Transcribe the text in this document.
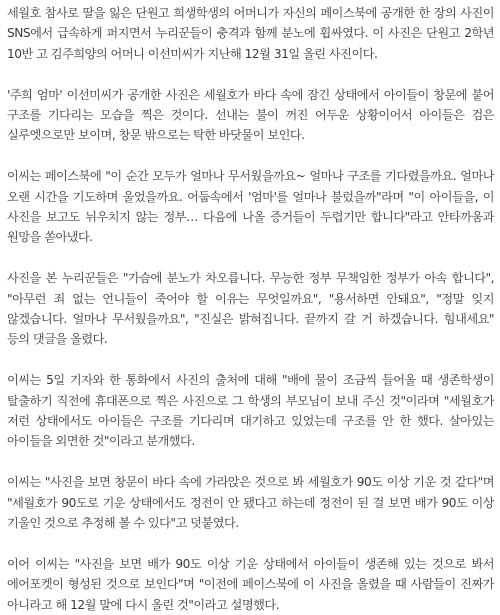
세월호 참사로 딸을 잃은 단원고 희생학생의 어머니가 자신의 페이스북에 공개한 한 장의 사진이 SNS에서 급속하게 퍼지면서 누리꾼들이 충격과 함께 분노에 휩싸였다. 이 사진은 단원고 2학년 10반 고 김주희양의 어머니 이선미씨가 지난해 12월 31일 올린 사진이다.

'주희 엄마' 이선미씨가 공개한 사진은 세월호가 바다 속에 잠긴 상태에서 아이들이 창문에 붙어 구조를 기다리는 모습을 찍은 것이다. 선내는 불이 꺼진 어두운 상황이어서 아이들은 검은 실루엣으로만 보이며, 창문 밖으로는 탁한 바닷물이 보인다.

이씨는 페이스북에 "이 순간 모두가 얼마나 무서웠을까요~ 얼마나 구조를 기다렸을까요. 얼마나 오랜 시간을 기도하며 울었을까요. 어둡속에서 '엄마'를 얼마나 불렀을까"라며 "이 아이들을, 이 사진을 보고도 뉘우치지 않는 정부… 다음에 나올 증거들이 두렵기만 합니다"라고 안타까움과 원망을 쏟아냈다.

사진을 본 누리꾼들은 "가슴에 분노가 차오릅니다. 무능한 정부 무책임한 정부가 아속 합니다", "아무런 죄 없는 언니들이 죽어야 할 이유는 무엇일까요", "용서하면 안돼요", "정말 잊지 않겠습니다. 얼마나 무서웠을까요", "진실은 밝혀집니다. 끝까지 갈 거 하겠습니다. 힘내세요" 등의 댓글을 올렸다.

이씨는 5일 기자와 한 통화에서 사진의 출처에 대해 "배에 물이 조금씩 들어올 때 생존학생이 탈출하기 직전에 휴대폰으로 찍은 사진으로 그 학생의 부모님이 보내 주신 것"이라며 "세월호가 저런 상태에서도 아이들은 구조를 기다리며 대기하고 있었는데 구조를 안 한 했다. 살아있는 아이들을 외면한 것"이라고 분개했다.

이씨는 "사진을 보면 창문이 바다 속에 가라앉은 것으로 봐 세월호가 90도 이상 기운 것 같다"며 "세월호가 90도로 기운 상태에서도 정전이 안 됐다고 하는데 정전이 된 걸 보면 배가 90도 이상 기울인 것으로 추정해 볼 수 있다"고 덧붙였다.

이어 이씨는 "사진을 보면 배가 90도 이상 기운 상태에서 아이들이 생존해 있는 것으로 봐서 에어포켓이 형성된 것으로 보인다"며 "이전에 페이스북에 이 사진을 올렸을 때 사람들이 진짜가 아니라고 해 12월 말에 다시 올린 것"이라고 설명했다.
